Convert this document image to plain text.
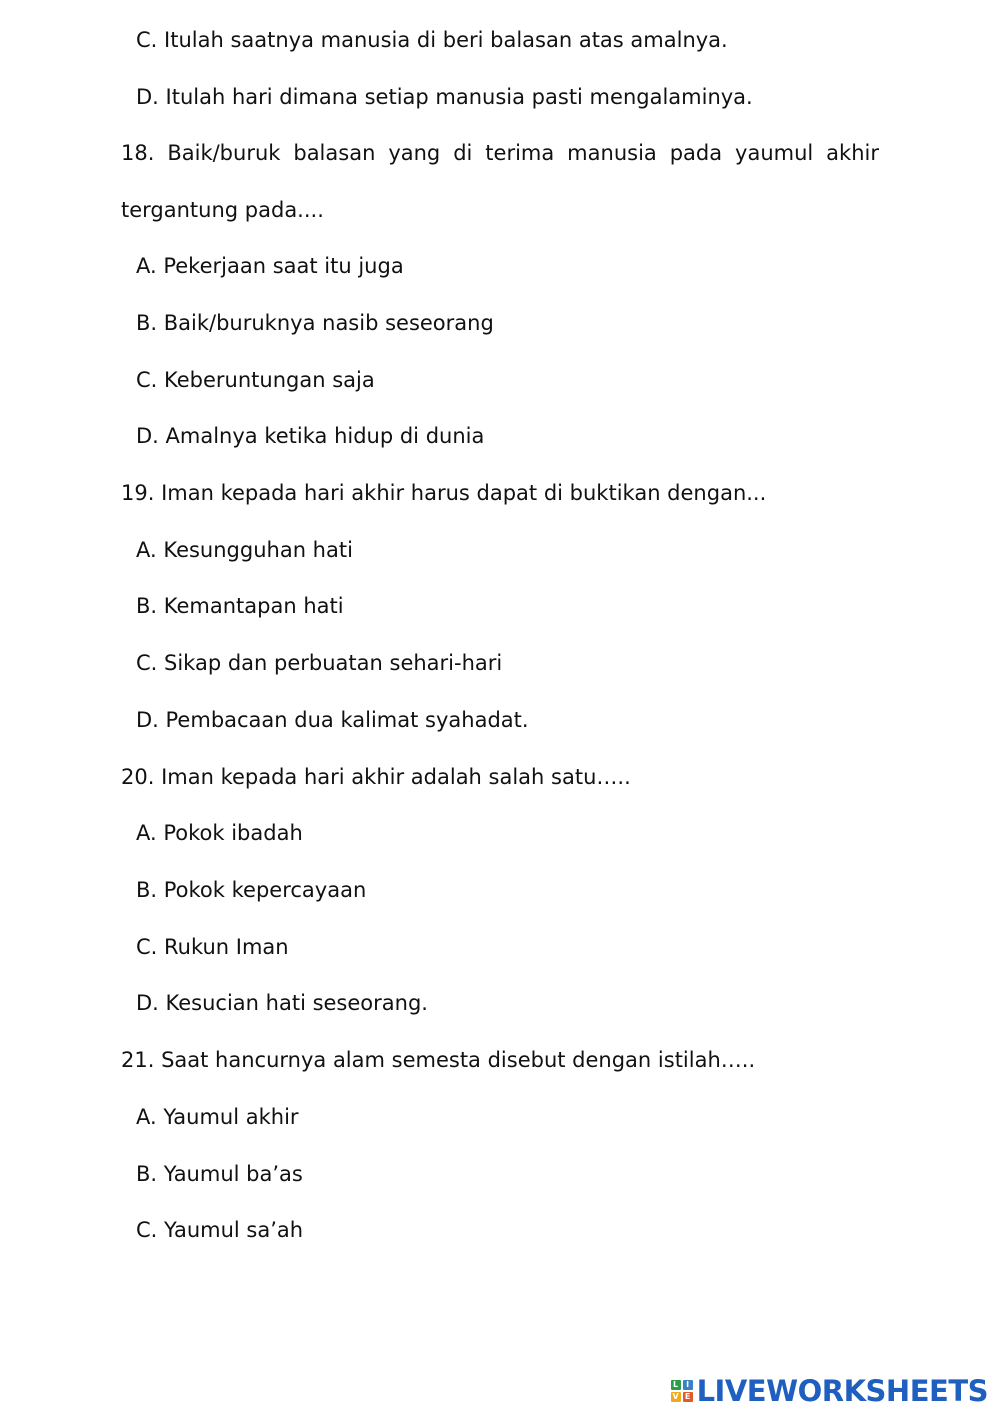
C. Itulah saatnya manusia di beri balasan atas amalnya.
D. Itulah hari dimana setiap manusia pasti mengalaminya.
18. Baik/buruk balasan yang di terima manusia pada yaumul akhir
tergantung pada....
A. Pekerjaan saat itu juga
B. Baik/buruknya nasib seseorang
C. Keberuntungan saja
D. Amalnya ketika hidup di dunia
19. Iman kepada hari akhir harus dapat di buktikan dengan...
A. Kesungguhan hati
B. Kemantapan hati
C. Sikap dan perbuatan sehari-hari
D. Pembacaan dua kalimat syahadat.
20. Iman kepada hari akhir adalah salah satu…..
A. Pokok ibadah
B. Pokok kepercayaan
C. Rukun Iman
D. Kesucian hati seseorang.
21. Saat hancurnya alam semesta disebut dengan istilah…..
A. Yaumul akhir
B. Yaumul ba’as
C. Yaumul sa’ah
L I
V E LIVEWORKSHEETS
